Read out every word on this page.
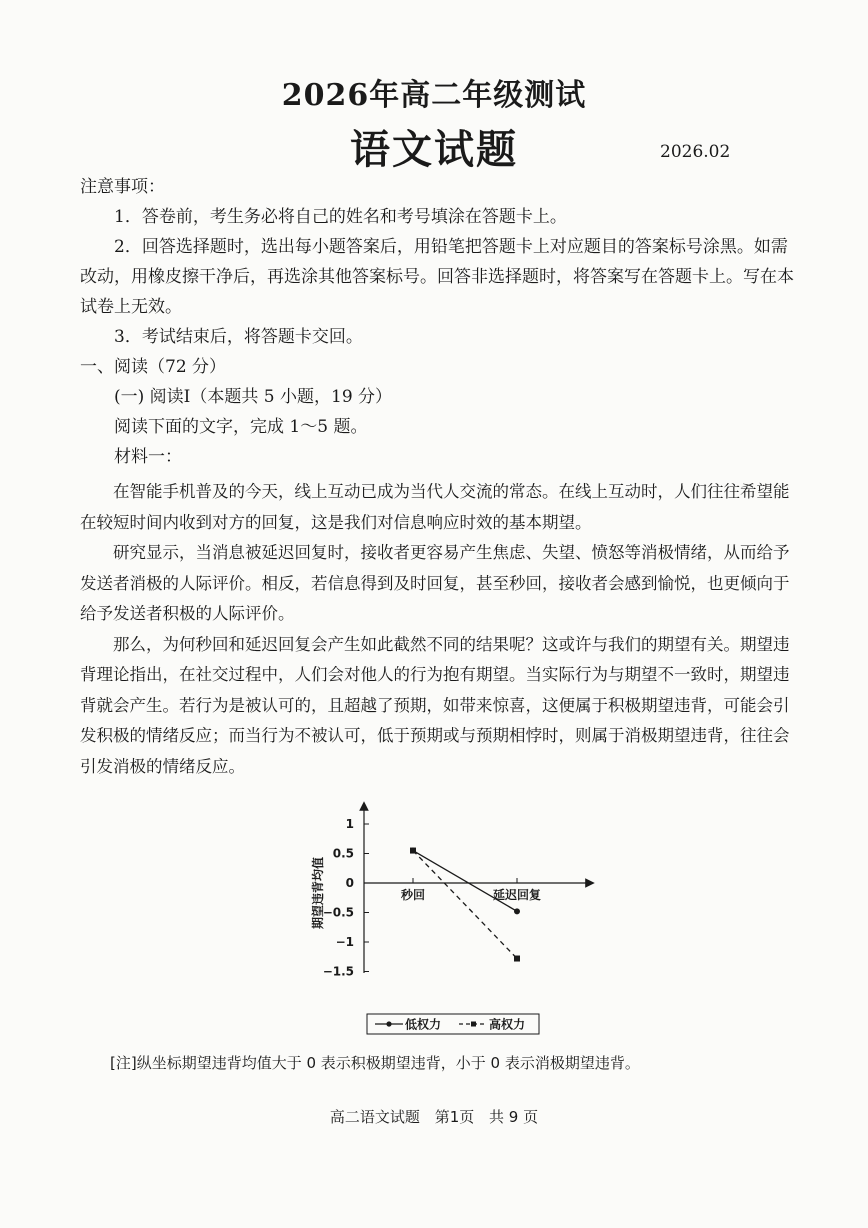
2026年高二年级测试
语文试题	2026.02

注意事项：

1．答卷前，考生务必将自己的姓名和考号填涂在答题卡上。

2．回答选择题时，选出每小题答案后，用铅笔把答题卡上对应题目的答案标号涂黑。如需改动，用橡皮擦干净后，再选涂其他答案标号。回答非选择题时，将答案写在答题卡上。写在本试卷上无效。

3．考试结束后，将答题卡交回。

一、阅读（72 分）

(一) 阅读Ⅰ（本题共 5 小题，19 分）

阅读下面的文字，完成 1～5 题。

材料一：

在智能手机普及的今天，线上互动已成为当代人交流的常态。在线上互动时，人们往往希望能在较短时间内收到对方的回复，这是我们对信息响应时效的基本期望。

研究显示，当消息被延迟回复时，接收者更容易产生焦虑、失望、愤怒等消极情绪，从而给予发送者消极的人际评价。相反，若信息得到及时回复，甚至秒回，接收者会感到愉悦，也更倾向于给予发送者积极的人际评价。

那么，为何秒回和延迟回复会产生如此截然不同的结果呢？这或许与我们的期望有关。期望违背理论指出，在社交过程中，人们会对他人的行为抱有期望。当实际行为与期望不一致时，期望违背就会产生。若行为是被认可的，且超越了预期，如带来惊喜，这便属于积极期望违背，可能会引发积极的情绪反应；而当行为不被认可，低于预期或与预期相悖时，则属于消极期望违背，往往会引发消极的情绪反应。

1
0.5
0
−0.5
−1
−1.5
秒回	延迟回复
期望违背均值
低权力	高权力
[注]纵坐标期望违背均值大于 0 表示积极期望违背，小于 0 表示消极期望违背。
高二语文试题 第1页 共 9 页
